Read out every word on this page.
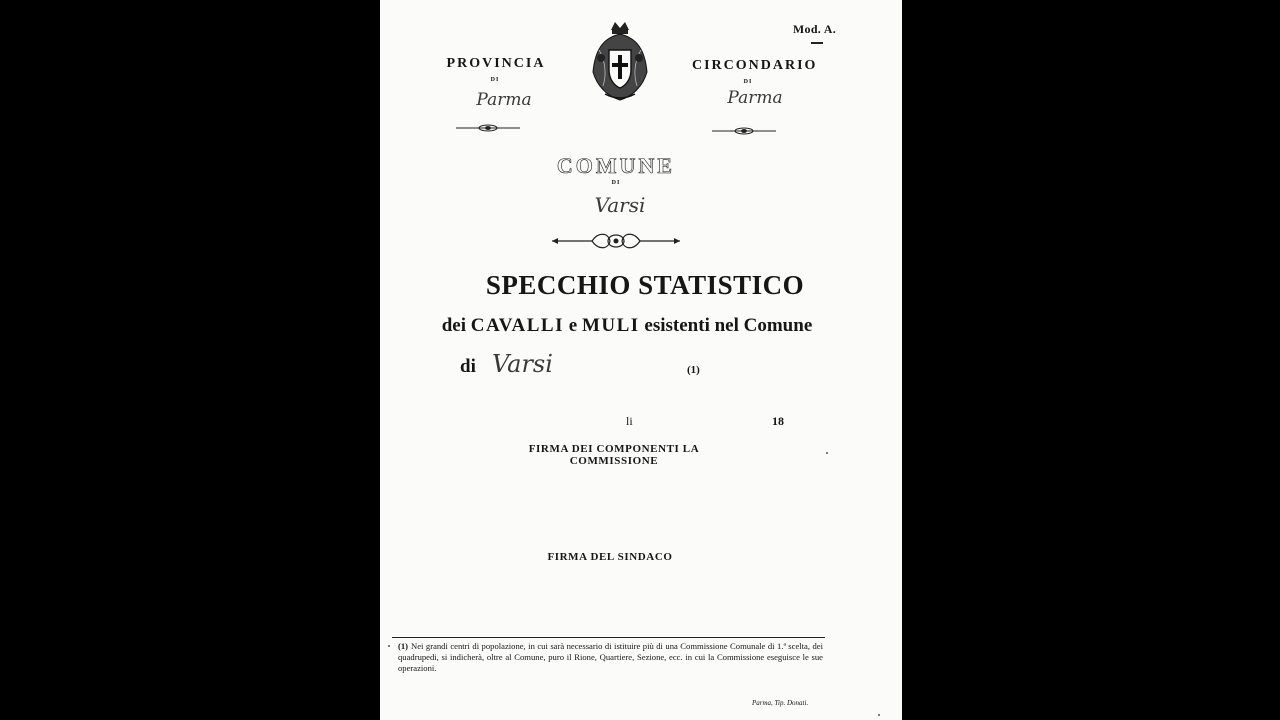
Mod. A.
PROVINCIA
DI
Parma
CIRCONDARIO
DI
Parma
COMUNE
DI
Varsi
SPECCHIO STATISTICO
dei CAVALLI e MULI esistenti nel Comune
di Varsi	(1)
li	18
FIRMA DEI COMPONENTI LA COMMISSIONE
FIRMA DEL SINDACO
(1) Nei grandi centri di popolazione, in cui sarà necessario di istituire più di una Commissione Comunale di 1.ª scelta, dei quadrupedi, si indicherà, oltre al Comune, puro il Rione, Quartiere, Sezione, ecc. in cui la Commissione eseguisce le sue operazioni.
Parma, Tip. Donati.
